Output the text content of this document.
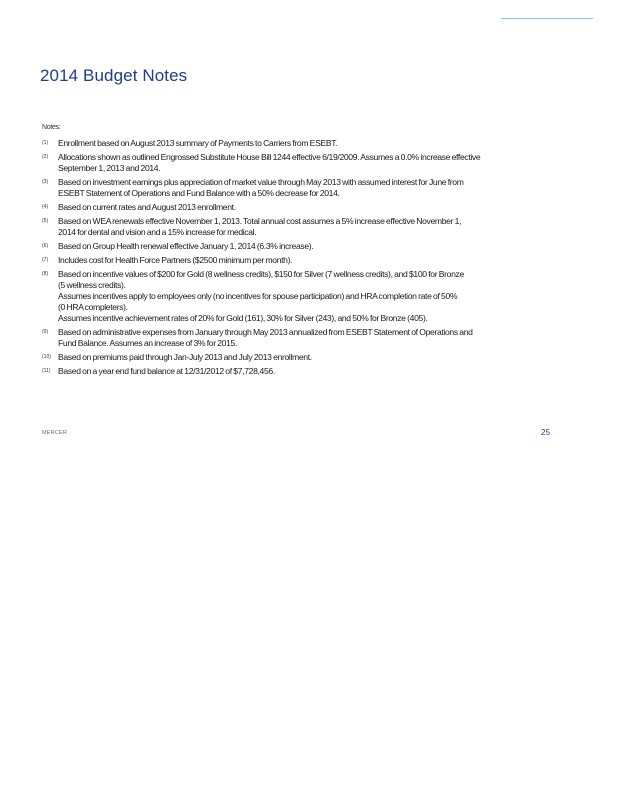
2014 Budget Notes
Notes:
(1)	Enrollment based on August 2013 summary of Payments to Carriers from ESEBT.
(2)	Allocations shown as outlined Engrossed Substitute House Bill 1244 effective 6/19/2009. Assumes a 0.0% increase effective
September 1, 2013 and 2014.
(3)	Based on investment earnings plus appreciation of market value through May 2013 with assumed interest for June from
ESEBT Statement of Operations and Fund Balance with a 50% decrease for 2014.
(4)	Based on current rates and August 2013 enrollment.
(5)	Based on WEA renewals effective November 1, 2013. Total annual cost assumes a 5% increase effective November 1,
2014 for dental and vision and a 15% increase for medical.
(6)	Based on Group Health renewal effective January 1, 2014 (6.3% increase).
(7)	Includes cost for Health Force Partners ($2500 minimum per month).
(8)	Based on incentive values of $200 for Gold (8 wellness credits), $150 for Silver (7 wellness credits), and $100 for Bronze
(5 wellness credits).
Assumes incentives apply to employees only (no incentives for spouse participation) and HRA completion rate of 50%
(0 HRA completers).
Assumes incentive achievement rates of 20% for Gold (161), 30% for Silver (243), and 50% for Bronze (405).
(9)	Based on administrative expenses from January through May 2013 annualized from ESEBT Statement of Operations and
Fund Balance. Assumes an increase of 3% for 2015.
(10) Based on premiums paid through Jan-July 2013 and July 2013 enrollment.
(11) Based on a year end fund balance at 12/31/2012 of $7,728,456.
MERCER	25
